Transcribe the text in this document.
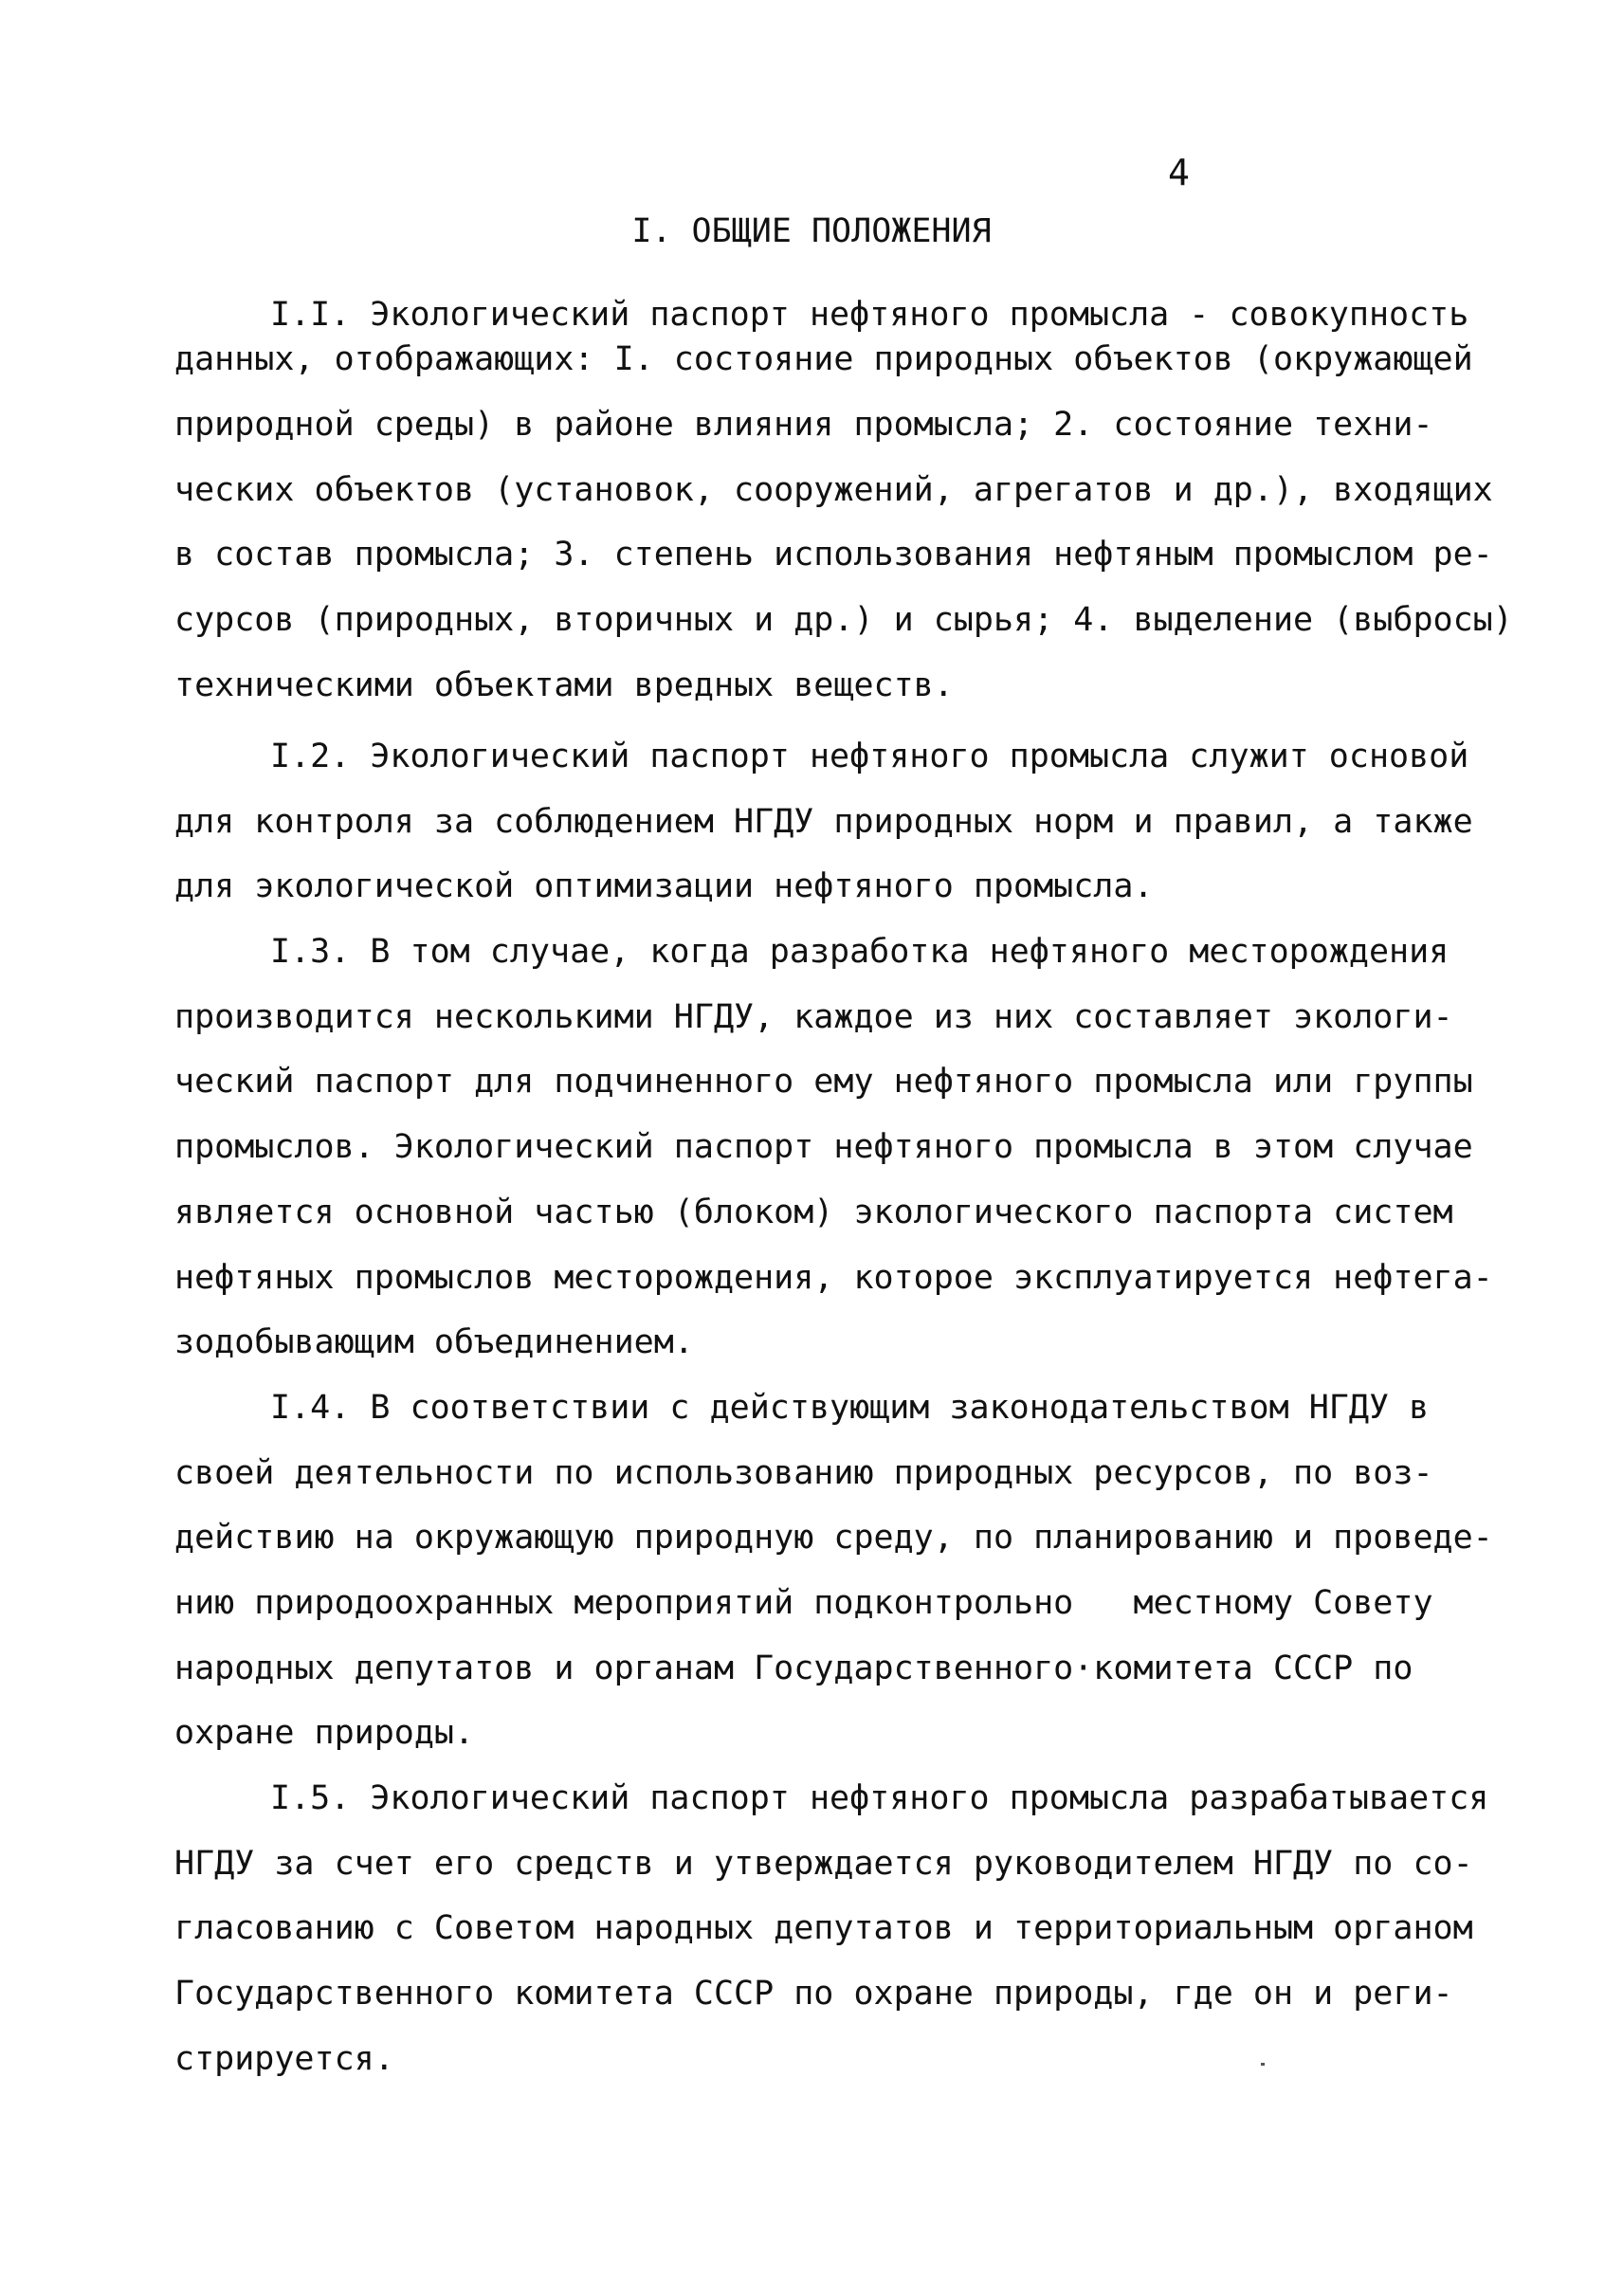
4
I. ОБЩИЕ ПОЛОЖЕНИЯ
I.I. Экологический паспорт нефтяного промысла - совокупность
данных, отображающих: I. состояние природных объектов (окружающей
природной среды) в районе влияния промысла; 2. состояние техни-
ческих объектов (установок, сооружений, агрегатов и др.), входящих
в состав промысла; 3. степень использования нефтяным промыслом ре-
сурсов (природных, вторичных и др.) и сырья; 4. выделение (выбросы)
техническими объектами вредных веществ.
I.2. Экологический паспорт нефтяного промысла служит основой
для контроля за соблюдением НГДУ природных норм и правил, а также
для экологической оптимизации нефтяного промысла.
I.3. В том случае, когда разработка нефтяного месторождения
производится несколькими НГДУ, каждое из них составляет экологи-
ческий паспорт для подчиненного ему нефтяного промысла или группы
промыслов. Экологический паспорт нефтяного промысла в этом случае
является основной частью (блоком) экологического паспорта систем
нефтяных промыслов месторождения, которое эксплуатируется нефтега-
зодобывающим объединением.
I.4. В соответствии с действующим законодательством НГДУ в
своей деятельности по использованию природных ресурсов, по воз-
действию на окружающую природную среду, по планированию и проведе-
нию природоохранных мероприятий подконтрольно   местному Совету
народных депутатов и органам Государственного·комитета СССР по
охране природы.
I.5. Экологический паспорт нефтяного промысла разрабатывается
НГДУ за счет его средств и утверждается руководителем НГДУ по со-
гласованию с Советом народных депутатов и территориальным органом
Государственного комитета СССР по охране природы, где он и реги-
стрируется.
